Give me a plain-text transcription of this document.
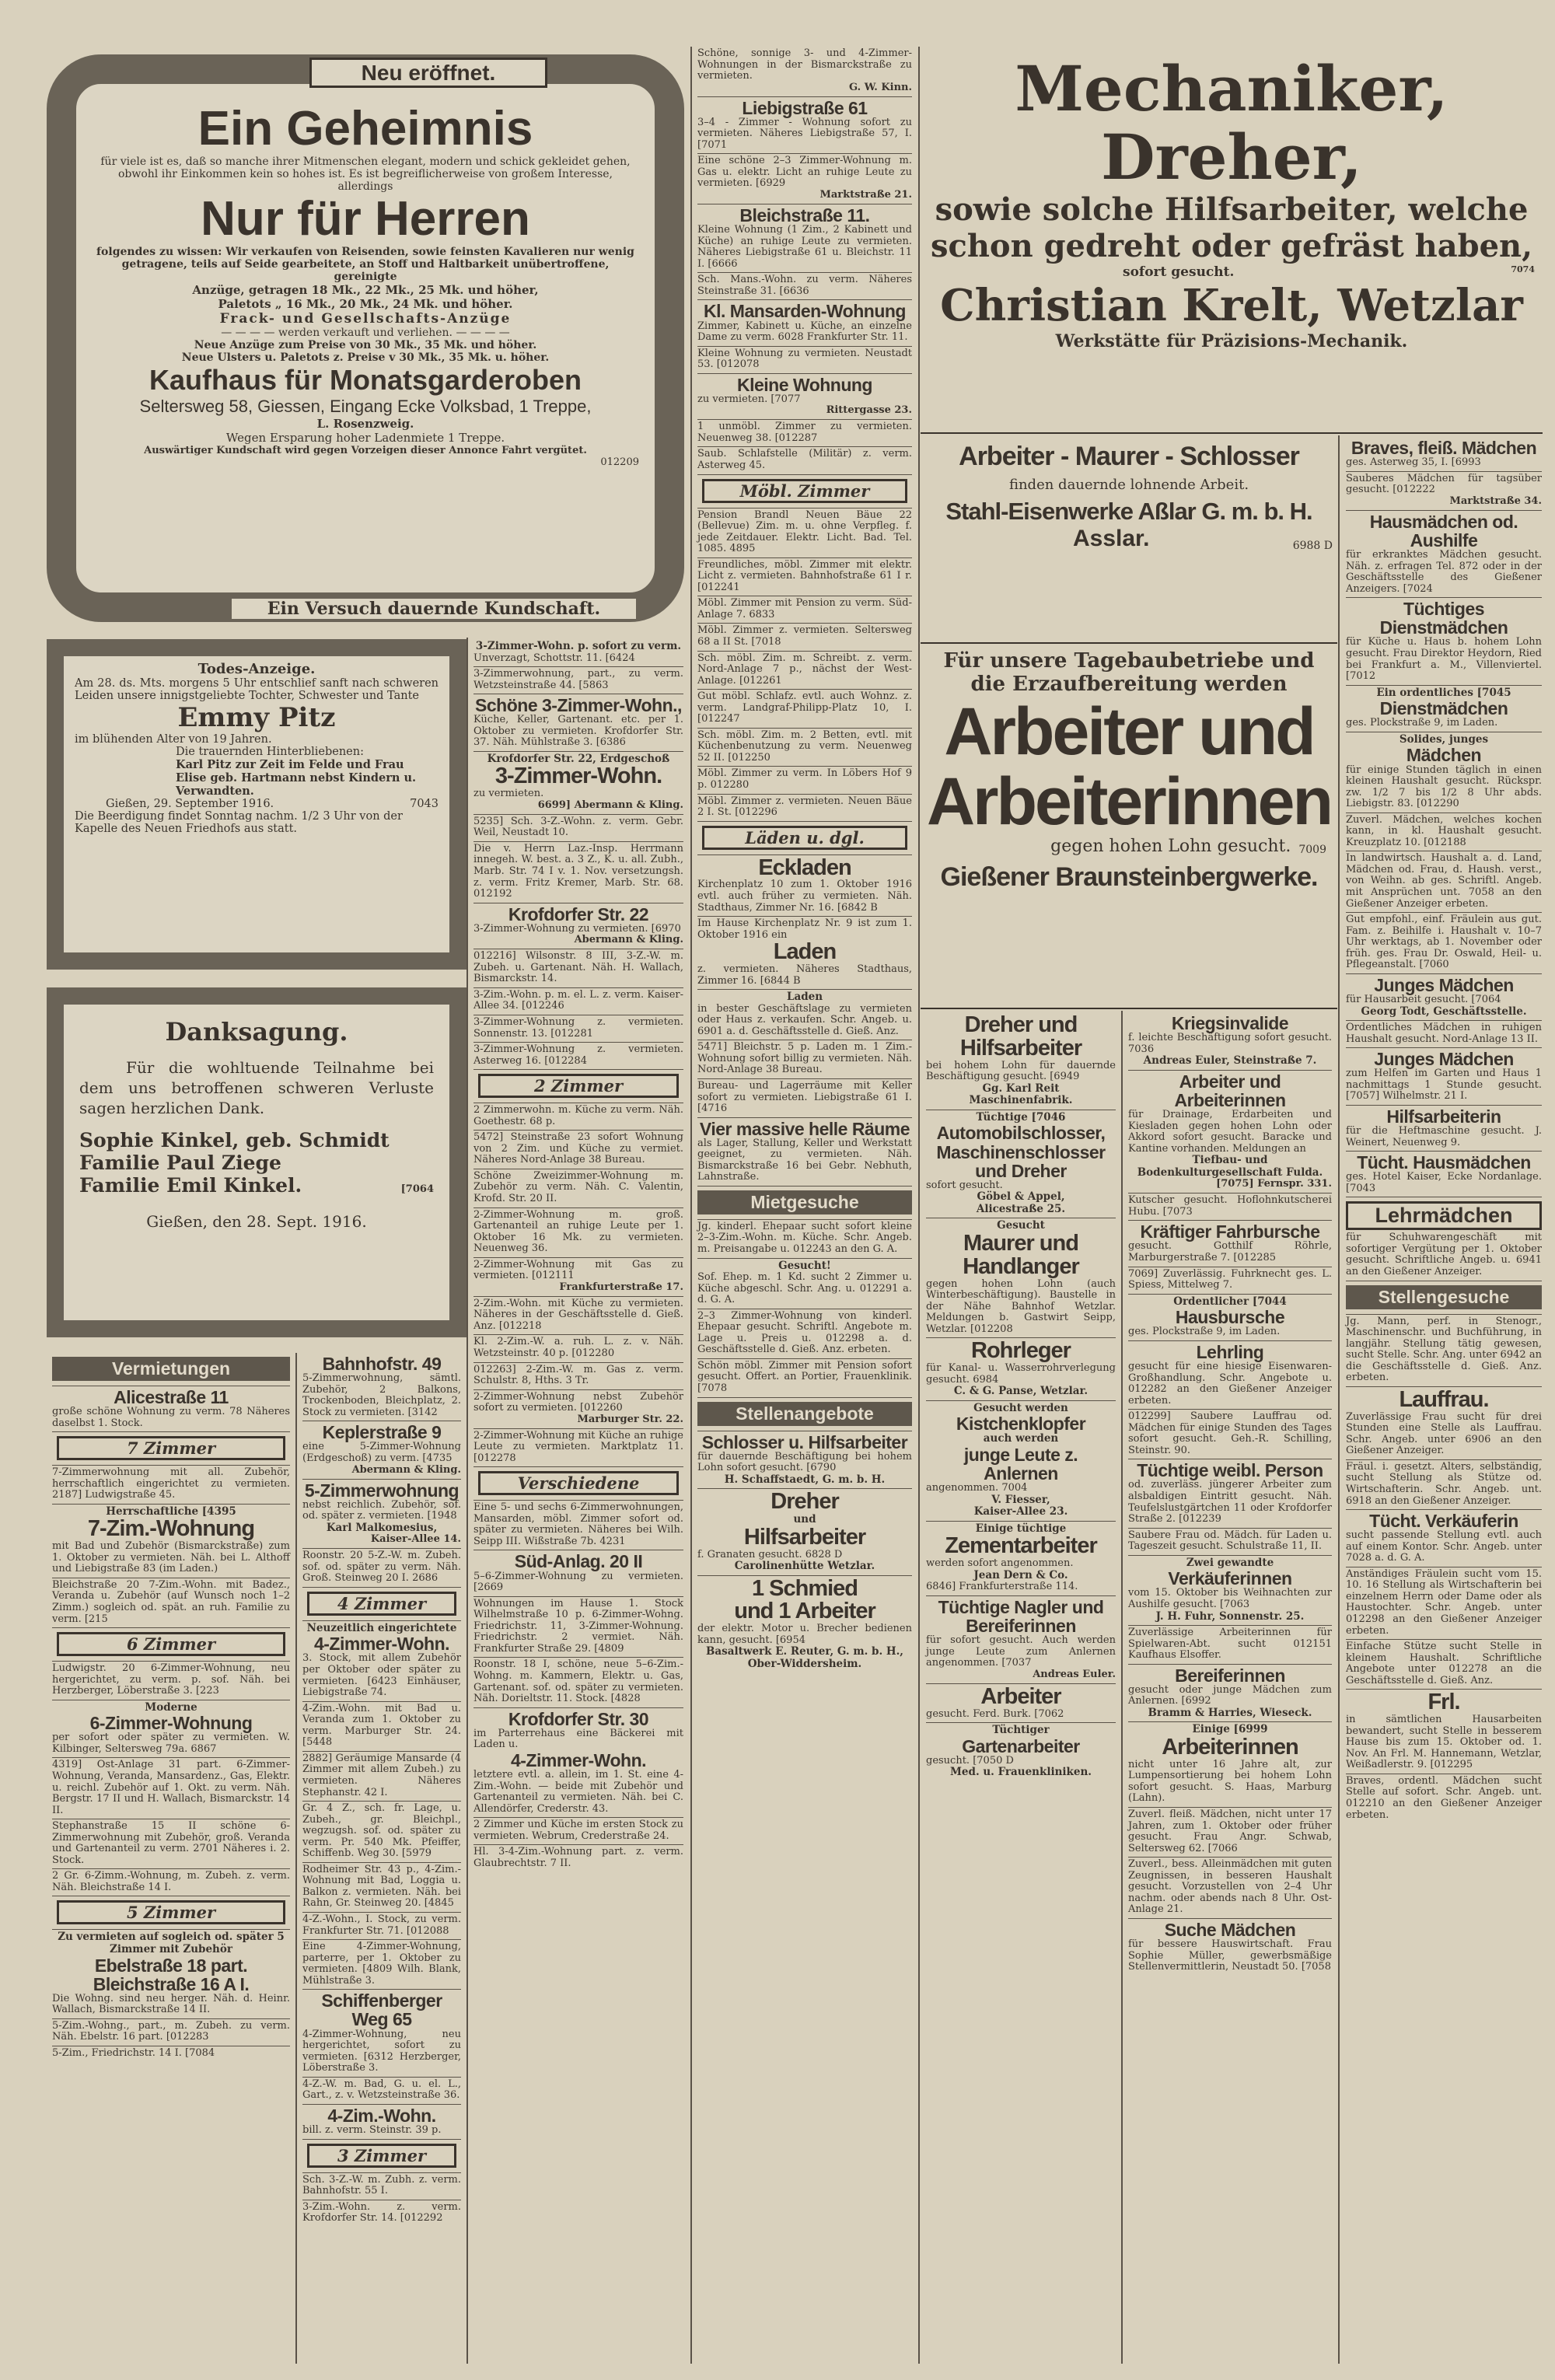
Neu eröffnet.
Ein Geheimnis
für viele ist es, daß so manche ihrer Mitmenschen elegant, modern und schick gekleidet gehen, obwohl ihr Einkommen kein so hohes ist. Es ist begreiflicherweise von großem Interesse, allerdings
Nur für Herren
folgendes zu wissen: Wir verkaufen von Reisenden, sowie feinsten Kavalieren nur wenig getragene, teils auf Seide gearbeitete, an Stoff und Haltbarkeit unübertroffene, gereinigte
Anzüge, getragen 18 Mk., 22 Mk., 25 Mk. und höher,
Paletots „ 16 Mk., 20 Mk., 24 Mk. und höher.
Frack- und Gesellschafts-Anzüge
— — — — werden verkauft und verliehen. — — — —
Neue Anzüge zum Preise von 30 Mk., 35 Mk. und höher.
Neue Ulsters u. Paletots z. Preise v 30 Mk., 35 Mk. u. höher.
Kaufhaus für Monatsgarderoben
Seltersweg 58, Giessen, Eingang Ecke Volksbad, 1 Treppe,
L. Rosenzweig.
Wegen Ersparung hoher Ladenmiete 1 Treppe.
Auswärtiger Kundschaft wird gegen Vorzeigen dieser Annonce Fahrt vergütet.
012209
Ein Versuch dauernde Kundschaft.
Todes-Anzeige.
Am 28. ds. Mts. morgens 5 Uhr entschlief sanft nach schweren Leiden unsere innigstgeliebte Tochter, Schwester und Tante
Emmy Pitz
im blühenden Alter von 19 Jahren.
Die trauernden Hinterbliebenen:
Karl Pitz zur Zeit im Felde und Frau Elise geb. Hartmann nebst Kindern u. Verwandten.
Gießen, 29. September 1916.	7043
Die Beerdigung findet Sonntag nachm. 1/2 3 Uhr von der Kapelle des Neuen Friedhofs aus statt.
Danksagung.
Für die wohltuende Teilnahme bei dem uns betroffenen schweren Verluste sagen herzlichen Dank.
Sophie Kinkel, geb. Schmidt
Familie Paul Ziege
Familie Emil Kinkel.	[7064
Gießen, den 28. Sept. 1916.
Vermietungen
Alicestraße 11
große schöne Wohnung zu verm. 78 Näheres daselbst 1. Stock.
7 Zimmer
7-Zimmerwohnung mit all. Zubehör, herrschaftlich eingerichtet zu vermieten. 2187] Ludwigstraße 45.
Herrschaftliche [4395
7-Zim.-Wohnung
mit Bad und Zubehör (Bismarckstraße) zum 1. Oktober zu vermieten. Näh. bei L. Althoff und Liebigstraße 83 (im Laden.)
Bleichstraße 20 7-Zim.-Wohn. mit Badez., Veranda u. Zubehör (auf Wunsch noch 1–2 Zimm.) sogleich od. spät. an ruh. Familie zu verm. [215
6 Zimmer
Ludwigstr. 20 6-Zimmer-Wohnung, neu hergerichtet, zu verm. p. sof. Näh. bei Herzberger, Löberstraße 3. [223
Moderne
6-Zimmer-Wohnung
per sofort oder später zu vermieten. W. Kilbinger, Seltersweg 79a. 6867
4319] Ost-Anlage 31 part. 6-Zimmer-Wohnung, Veranda, Mansardenz., Gas, Elektr. u. reichl. Zubehör auf 1. Okt. zu verm. Näh. Bergstr. 17 II und H. Wallach, Bismarckstr. 14 II.
Stephanstraße 15 II schöne 6-Zimmerwohnung mit Zubehör, groß. Veranda und Gartenanteil zu verm. 2701 Näheres i. 2. Stock.
2 Gr. 6-Zimm.-Wohnung, m. Zubeh. z. verm. Näh. Bleichstraße 14 I.
5 Zimmer
Zu vermieten auf sogleich od. später 5 Zimmer mit Zubehör
Ebelstraße 18 part.
Bleichstraße 16 A I.
Die Wohng. sind neu herger. Näh. d. Heinr. Wallach, Bismarckstraße 14 II.
5-Zim.-Wohng., part., m. Zubeh. zu verm. Näh. Ebelstr. 16 part. [012283
5-Zim., Friedrichstr. 14 I. [7084
Bahnhofstr. 49
5-Zimmerwohnung, sämtl. Zubehör, 2 Balkons, Trockenboden, Bleichplatz, 2. Stock zu vermieten. [3142
Keplerstraße 9
eine 5-Zimmer-Wohnung (Erdgeschoß) zu verm. [4735
Abermann & Kling.
5-Zimmerwohnung
nebst reichlich. Zubehör, sof. od. später z. vermieten. [1948
Karl Malkomesius,
Kaiser-Allee 14.
Roonstr. 20 5-Z.-W. m. Zubeh. sof. od. später zu verm. Näh. Groß. Steinweg 20 I. 2686
4 Zimmer
Neuzeitlich eingerichtete
4-Zimmer-Wohn.
3. Stock, mit allem Zubehör per Oktober oder später zu vermieten. [6423 Einhäuser, Liebigstraße 74.
4-Zim.-Wohn. mit Bad u. Veranda zum 1. Oktober zu verm. Marburger Str. 24. [5448
2882] Geräumige Mansarde (4 Zimmer mit allem Zubeh.) zu vermieten. Näheres Stephanstr. 42 I.
Gr. 4 Z., sch. fr. Lage, u. Zubeh., gr. Bleichpl., wegzugsh. sof. od. später zu verm. Pr. 540 Mk. Pfeiffer, Schiffenb. Weg 30. [5979
Rodheimer Str. 43 p., 4-Zim.-Wohnung mit Bad, Loggia u. Balkon z. vermieten. Näh. bei Rahn, Gr. Steinweg 20. [4845
4-Z.-Wohn., I. Stock, zu verm. Frankfurter Str. 71. [012088
Eine 4-Zimmer-Wohnung, parterre, per 1. Oktober zu vermieten. [4809 Wilh. Blank, Mühlstraße 3.
Schiffenberger Weg 65
4-Zimmer-Wohnung, neu hergerichtet, sofort zu vermieten. [6312 Herzberger, Löberstraße 3.
4-Z.-W. m. Bad, G. u. el. L., Gart., z. v. Wetzsteinstraße 36.
4-Zim.-Wohn.
bill. z. verm. Steinstr. 39 p.
3 Zimmer
Sch. 3-Z.-W. m. Zubh. z. verm. Bahnhofstr. 55 I.
3-Zim.-Wohn. z. verm. Krofdorfer Str. 14. [012292
3-Zimmer-Wohn. p. sofort zu verm.
Unverzagt, Schottstr. 11. [6424
3-Zimmerwohnung, part., zu verm. Wetzsteinstraße 44. [5863
Schöne 3-Zimmer-Wohn.,
Küche, Keller, Gartenant. etc. per 1. Oktober zu vermieten. Krofdorfer Str. 37. Näh. Mühlstraße 3. [6386
Krofdorfer Str. 22, Erdgeschoß
3-Zimmer-Wohn.
zu vermieten.
6699] Abermann & Kling.
5235] Sch. 3-Z.-Wohn. z. verm. Gebr. Weil, Neustadt 10.
Die v. Herrn Laz.-Insp. Herrmann innegeh. W. best. a. 3 Z., K. u. all. Zubh., Marb. Str. 74 I v. 1. Nov. versetzungsh. z. verm. Fritz Kremer, Marb. Str. 68. 012192
Krofdorfer Str. 22
3-Zimmer-Wohnung zu vermieten. [6970
Abermann & Kling.
012216] Wilsonstr. 8 III, 3-Z.-W. m. Zubeh. u. Gartenant. Näh. H. Wallach, Bismarckstr. 14.
3-Zim.-Wohn. p. m. el. L. z. verm. Kaiser-Allee 34. [012246
3-Zimmer-Wohnung z. vermieten. Sonnenstr. 13. [012281
3-Zimmer-Wohnung z. vermieten. Asterweg 16. [012284
2 Zimmer
2 Zimmerwohn. m. Küche zu verm. Näh. Goethestr. 68 p.
5472] Steinstraße 23 sofort Wohnung von 2 Zim. und Küche zu vermiet. Näheres Nord-Anlage 38 Bureau.
Schöne Zweizimmer-Wohnung m. Zubehör zu verm. Näh. C. Valentin, Krofd. Str. 20 II.
2-Zimmer-Wohnung m. groß. Gartenanteil an ruhige Leute per 1. Oktober 16 Mk. zu vermieten. Neuenweg 36.
2-Zimmer-Wohnung mit Gas zu vermieten. [012111
Frankfurterstraße 17.
2-Zim.-Wohn. mit Küche zu vermieten. Näheres in der Geschäftsstelle d. Gieß. Anz. [012218
Kl. 2-Zim.-W. a. ruh. L. z. v. Näh. Wetzsteinstr. 40 p. [012280
012263] 2-Zim.-W. m. Gas z. verm. Schulstr. 8, Hths. 3 Tr.
2-Zimmer-Wohnung nebst Zubehör sofort zu vermieten. [012260
Marburger Str. 22.
2-Zimmer-Wohnung mit Küche an ruhige Leute zu vermieten. Marktplatz 11. [012278
Verschiedene
Eine 5- und sechs 6-Zimmerwohnungen, Mansarden, möbl. Zimmer sofort od. später zu vermieten. Näheres bei Wilh. Seipp III. Wißstraße 7b. 4231
Süd-Anlag. 20 II
5–6-Zimmer-Wohnung zu vermieten. [2669
Wohnungen im Hause 1. Stock Wilhelmstraße 10 p. 6-Zimmer-Wohng. Friedrichstr. 11, 3-Zimmer-Wohnung. Friedrichstr. 2 vermiet. Näh. Frankfurter Straße 29. [4809
Roonstr. 18 I, schöne, neue 5–6-Zim.-Wohng. m. Kammern, Elektr. u. Gas, Gartenant. sof. od. später zu vermieten. Näh. Dorieltstr. 11. Stock. [4828
Krofdorfer Str. 30
im Parterrehaus eine Bäckerei mit Laden u.
4-Zimmer-Wohn.
letztere evtl. a. allein, im 1. St. eine 4-Zim.-Wohn. — beide mit Zubehör und Gartenanteil zu vermieten. Näh. bei C. Allendörfer, Crederstr. 43.
2 Zimmer und Küche im ersten Stock zu vermieten. Webrum, Crederstraße 24.
Hl. 3-4-Zim.-Wohnung part. z. verm. Glaubrechtstr. 7 II.
Schöne, sonnige 3- und 4-Zimmer-Wohnungen in der Bismarckstraße zu vermieten.
G. W. Kinn.
Liebigstraße 61
3–4 - Zimmer - Wohnung sofort zu vermieten. Näheres Liebigstraße 57, I. [7071
Eine schöne 2–3 Zimmer-Wohnung m. Gas u. elektr. Licht an ruhige Leute zu vermieten. [6929
Marktstraße 21.
Bleichstraße 11.
Kleine Wohnung (1 Zim., 2 Kabinett und Küche) an ruhige Leute zu vermieten. Näheres Liebigstraße 61 u. Bleichstr. 11 I. [6666
Sch. Mans.-Wohn. zu verm. Näheres Steinstraße 31. [6636
Kl. Mansarden-Wohnung
Zimmer, Kabinett u. Küche, an einzelne Dame zu verm. 6028 Frankfurter Str. 11.
Kleine Wohnung zu vermieten. Neustadt 53. [012078
Kleine Wohnung
zu vermieten. [7077
Rittergasse 23.
1 unmöbl. Zimmer zu vermieten. Neuenweg 38. [012287
Saub. Schlafstelle (Militär) z. verm. Asterweg 45.
Möbl. Zimmer
Pension Brandl Neuen Bäue 22 (Bellevue) Zim. m. u. ohne Verpfleg. f. jede Zeitdauer. Elektr. Licht. Bad. Tel. 1085. 4895
Freundliches, möbl. Zimmer mit elektr. Licht z. vermieten. Bahnhofstraße 61 I r. [012241
Möbl. Zimmer mit Pension zu verm. Süd-Anlage 7. 6833
Möbl. Zimmer z. vermieten. Seltersweg 68 a II St. [7018
Sch. möbl. Zim. m. Schreibt. z. verm. Nord-Anlage 7 p., nächst der West-Anlage. [012261
Gut möbl. Schlafz. evtl. auch Wohnz. z. verm. Landgraf-Philipp-Platz 10, I. [012247
Sch. möbl. Zim. m. 2 Betten, evtl. mit Küchenbenutzung zu verm. Neuenweg 52 II. [012250
Möbl. Zimmer zu verm. In Löbers Hof 9 p. 012280
Möbl. Zimmer z. vermieten. Neuen Bäue 2 I. St. [012296
Läden u. dgl.
Eckladen
Kirchenplatz 10 zum 1. Oktober 1916 evtl. auch früher zu vermieten. Näh. Stadthaus, Zimmer Nr. 16. [6842 B
Im Hause Kirchenplatz Nr. 9 ist zum 1. Oktober 1916 ein
Laden
z. vermieten. Näheres Stadthaus, Zimmer 16. [6844 B
Laden
in bester Geschäftslage zu vermieten oder Haus z. verkaufen. Schr. Angeb. u. 6901 a. d. Geschäftsstelle d. Gieß. Anz.
5471] Bleichstr. 5 p. Laden m. 1 Zim.-Wohnung sofort billig zu vermieten. Näh. Nord-Anlage 38 Bureau.
Bureau- und Lagerräume mit Keller sofort zu vermieten. Liebigstraße 61 I. [4716
Vier massive helle Räume
als Lager, Stallung, Keller und Werkstatt geeignet, zu vermieten. Näh. Bismarckstraße 16 bei Gebr. Nebhuth, Lahnstraße.
Mietgesuche
Jg. kinderl. Ehepaar sucht sofort kleine 2–3-Zim.-Wohn. m. Küche. Schr. Angeb. m. Preisangabe u. 012243 an den G. A.
Gesucht!
Sof. Ehep. m. 1 Kd. sucht 2 Zimmer u. Küche abgeschl. Schr. Ang. u. 012291 a. d. G. A.
2–3 Zimmer-Wohnung von kinderl. Ehepaar gesucht. Schriftl. Angebote m. Lage u. Preis u. 012298 a. d. Geschäftsstelle d. Gieß. Anz. erbeten.
Schön möbl. Zimmer mit Pension sofort gesucht. Offert. an Portier, Frauenklinik. [7078
Stellenangebote
Schlosser u. Hilfsarbeiter
für dauernde Beschäftigung bei hohem Lohn sofort gesucht. [6790
H. Schaffstaedt, G. m. b. H.
Dreher
und
Hilfsarbeiter
f. Granaten gesucht. 6828 D
Carolinenhütte Wetzlar.
1 Schmied
und 1 Arbeiter
der elektr. Motor u. Brecher bedienen kann, gesucht. [6954
Basaltwerk E. Reuter, G. m. b. H., Ober-Widdersheim.
Mechaniker, Dreher,
sowie solche Hilfsarbeiter, welche
schon gedreht oder gefräst haben,
sofort gesucht.	7074
Christian Krelt, Wetzlar
Werkstätte für Präzisions-Mechanik.
Arbeiter - Maurer - Schlosser
finden dauernde lohnende Arbeit.
Stahl-Eisenwerke Aßlar G. m. b. H.
Asslar.	6988 D
Für unsere Tagebaubetriebe und die Erzaufbereitung werden
Arbeiter und
Arbeiterinnen
gegen hohen Lohn gesucht. 7009
Gießener Braunsteinbergwerke.
Dreher und
Hilfsarbeiter
bei hohem Lohn für dauernde Beschäftigung gesucht. [6949
Gg. Karl Reit
Maschinenfabrik.
Tüchtige [7046
Automobilschlosser, Maschinenschlosser und Dreher
sofort gesucht.
Göbel & Appel,
Alicestraße 25.
Gesucht
Maurer und Handlanger
gegen hohen Lohn (auch Winterbeschäftigung). Baustelle in der Nähe Bahnhof Wetzlar. Meldungen b. Gastwirt Seipp, Wetzlar. [012208
Rohrleger
für Kanal- u. Wasserrohrverlegung gesucht. 6984
C. & G. Panse, Wetzlar.
Gesucht werden
Kistchenklopfer
auch werden
junge Leute z. Anlernen
angenommen. 7004
V. Fiesser,
Kaiser-Allee 23.
Einige tüchtige
Zementarbeiter
werden sofort angenommen.
Jean Dern & Co.
6846] Frankfurterstraße 114.
Tüchtige Nagler und Bereiferinnen
für sofort gesucht. Auch werden junge Leute zum Anlernen angenommen. [7037
Andreas Euler.
Arbeiter
gesucht. Ferd. Burk. [7062
Tüchtiger
Gartenarbeiter
gesucht. [7050 D
Med. u. Frauenkliniken.
Kriegsinvalide
f. leichte Beschäftigung sofort gesucht. 7036
Andreas Euler, Steinstraße 7.
Arbeiter und Arbeiterinnen
für Drainage, Erdarbeiten und Kiesladen gegen hohen Lohn oder Akkord sofort gesucht. Baracke und Kantine vorhanden. Meldungen an
Tiefbau- und Bodenkulturgesellschaft Fulda.
[7075] Fernspr. 331.
Kutscher gesucht. Hoflohnkutscherei Hubu. [7073
Kräftiger Fahrbursche
gesucht. Gotthilf Röhrle, Marburgerstraße 7. [012285
7069] Zuverlässig. Fuhrknecht ges. L. Spiess, Mittelweg 7.
Ordentlicher [7044
Hausbursche
ges. Plockstraße 9, im Laden.
Lehrling
gesucht für eine hiesige Eisenwaren-Großhandlung. Schr. Angebote u. 012282 an den Gießener Anzeiger erbeten.
012299] Saubere Lauffrau od. Mädchen für einige Stunden des Tages sofort gesucht. Geh.-R. Schilling, Steinstr. 90.
Tüchtige weibl. Person
od. zuverläss. jüngerer Arbeiter zum alsbaldigen Eintritt gesucht. Näh. Teufelslustgärtchen 11 oder Krofdorfer Straße 2. [012239
Saubere Frau od. Mädch. für Laden u. Tageszeit gesucht. Schulstraße 11, II.
Zwei gewandte
Verkäuferinnen
vom 15. Oktober bis Weihnachten zur Aushilfe gesucht. [7063
J. H. Fuhr, Sonnenstr. 25.
Zuverlässige Arbeiterinnen für Spielwaren-Abt. sucht 012151 Kaufhaus Elsoffer.
Bereiferinnen
gesucht oder junge Mädchen zum Anlernen. [6992
Bramm & Harries, Wieseck.
Einige [6999
Arbeiterinnen
nicht unter 16 Jahre alt, zur Lumpensortierung bei hohem Lohn sofort gesucht. S. Haas, Marburg (Lahn).
Zuverl. fleiß. Mädchen, nicht unter 17 Jahren, zum 1. Oktober oder früher gesucht. Frau Angr. Schwab, Seltersweg 62. [7066
Zuverl., bess. Alleinmädchen mit guten Zeugnissen, in besseren Haushalt gesucht. Vorzustellen von 2–4 Uhr nachm. oder abends nach 8 Uhr. Ost-Anlage 21.
Suche Mädchen
für bessere Hauswirtschaft. Frau Sophie Müller, gewerbsmäßige Stellenvermittlerin, Neustadt 50. [7058
Braves, fleiß. Mädchen
ges. Asterweg 35, I. [6993
Sauberes Mädchen für tagsüber gesucht. [012222
Marktstraße 34.
Hausmädchen od. Aushilfe
für erkranktes Mädchen gesucht. Näh. z. erfragen Tel. 872 oder in der Geschäftsstelle des Gießener Anzeigers. [7024
Tüchtiges Dienstmädchen
für Küche u. Haus b. hohem Lohn gesucht. Frau Direktor Heydorn, Ried bei Frankfurt a. M., Villenviertel. [7012
Ein ordentliches [7045
Dienstmädchen
ges. Plockstraße 9, im Laden.
Solides, junges
Mädchen
für einige Stunden täglich in einen kleinen Haushalt gesucht. Rückspr. zw. 1/2 7 bis 1/2 8 Uhr abds. Liebigstr. 83. [012290
Zuverl. Mädchen, welches kochen kann, in kl. Haushalt gesucht. Kreuzplatz 10. [012188
In landwirtsch. Haushalt a. d. Land, Mädchen od. Frau, d. Haush. verst., von Weihn. ab ges. Schriftl. Angeb. mit Ansprüchen unt. 7058 an den Gießener Anzeiger erbeten.
Gut empfohl., einf. Fräulein aus gut. Fam. z. Beihilfe i. Haushalt v. 10–7 Uhr werktags, ab 1. November oder früh. ges. Frau Dr. Oswald, Heil- u. Pflegeanstalt. [7060
Junges Mädchen
für Hausarbeit gesucht. [7064
Georg Todt, Geschäftsstelle.
Ordentliches Mädchen in ruhigen Haushalt gesucht. Nord-Anlage 13 II.
Junges Mädchen
zum Helfen im Garten und Haus 1 nachmittags 1 Stunde gesucht. [7057] Wilhelmstr. 21 I.
Hilfsarbeiterin
für die Heftmaschine gesucht. J. Weinert, Neuenweg 9.
Tücht. Hausmädchen
ges. Hotel Kaiser, Ecke Nordanlage. [7043
Lehrmädchen
für Schuhwarengeschäft mit sofortiger Vergütung per 1. Oktober gesucht. Schriftliche Angeb. u. 6941 an den Gießener Anzeiger.
Stellengesuche
Jg. Mann, perf. in Stenogr., Maschinenschr. und Buchführung, in langjähr. Stellung tätig gewesen, sucht Stelle. Schr. Ang. unter 6942 an die Geschäftsstelle d. Gieß. Anz. erbeten.
Lauffrau.
Zuverlässige Frau sucht für drei Stunden eine Stelle als Lauffrau. Schr. Angeb. unter 6906 an den Gießener Anzeiger.
Fräul. i. gesetzt. Alters, selbständig, sucht Stellung als Stütze od. Wirtschafterin. Schr. Angeb. unt. 6918 an den Gießener Anzeiger.
Tücht. Verkäuferin
sucht passende Stellung evtl. auch auf einem Kontor. Schr. Angeb. unter 7028 a. d. G. A.
Anständiges Fräulein sucht vom 15. 10. 16 Stellung als Wirtschafterin bei einzelnem Herrn oder Dame oder als Haustochter. Schr. Angeb. unter 012298 an den Gießener Anzeiger erbeten.
Einfache Stütze sucht Stelle in kleinem Haushalt. Schriftliche Angebote unter 012278 an die Geschäftsstelle d. Gieß. Anz.
Frl.
in sämtlichen Hausarbeiten bewandert, sucht Stelle in besserem Hause bis zum 15. Oktober od. 1. Nov. An Frl. M. Hannemann, Wetzlar, Weißadlerstr. 9. [012295
Braves, ordentl. Mädchen sucht Stelle auf sofort. Schr. Angeb. unt. 012210 an den Gießener Anzeiger erbeten.
